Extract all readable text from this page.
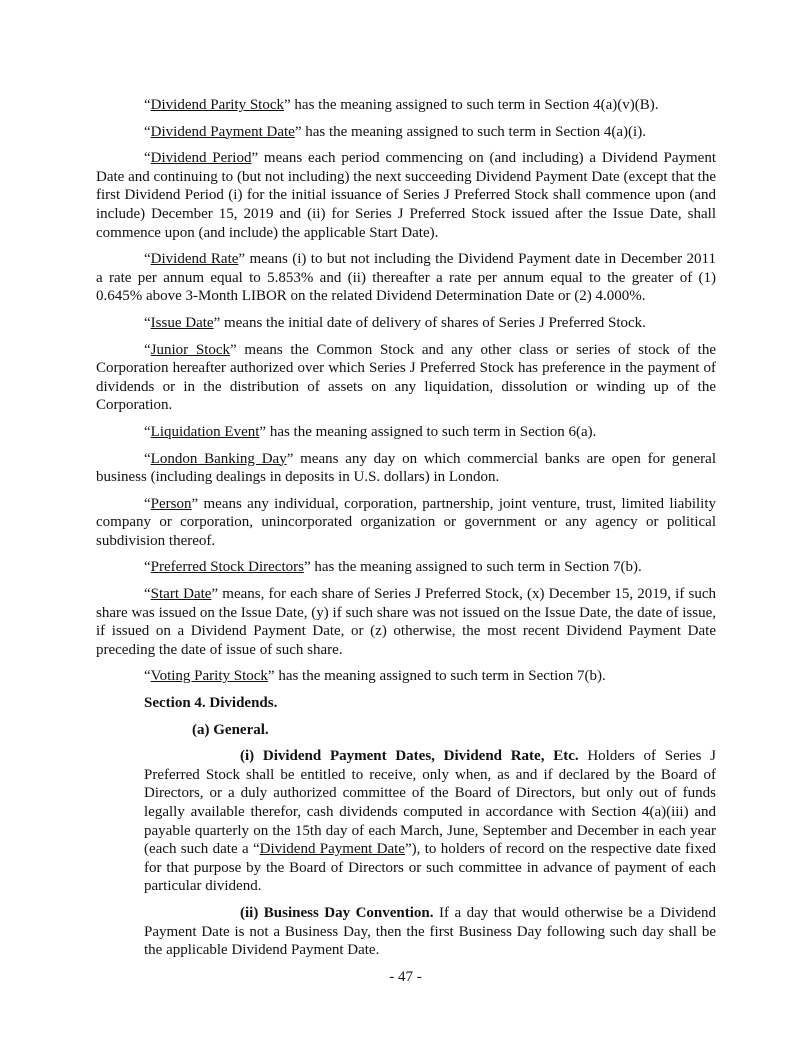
“Dividend Parity Stock” has the meaning assigned to such term in Section 4(a)(v)(B).

“Dividend Payment Date” has the meaning assigned to such term in Section 4(a)(i).

“Dividend Period” means each period commencing on (and including) a Dividend Payment Date and continuing to (but not including) the next succeeding Dividend Payment Date (except that the first Dividend Period (i) for the initial issuance of Series J Preferred Stock shall commence upon (and include) December 15, 2019 and (ii) for Series J Preferred Stock issued after the Issue Date, shall commence upon (and include) the applicable Start Date).

“Dividend Rate” means (i) to but not including the Dividend Payment date in December 2011 a rate per annum equal to 5.853% and (ii) thereafter a rate per annum equal to the greater of (1) 0.645% above 3-Month LIBOR on the related Dividend Determination Date or (2) 4.000%.

“Issue Date” means the initial date of delivery of shares of Series J Preferred Stock.

“Junior Stock” means the Common Stock and any other class or series of stock of the Corporation hereafter authorized over which Series J Preferred Stock has preference in the payment of dividends or in the distribution of assets on any liquidation, dissolution or winding up of the Corporation.

“Liquidation Event” has the meaning assigned to such term in Section 6(a).

“London Banking Day” means any day on which commercial banks are open for general business (including dealings in deposits in U.S. dollars) in London.

“Person” means any individual, corporation, partnership, joint venture, trust, limited liability company or corporation, unincorporated organization or government or any agency or political subdivision thereof.

“Preferred Stock Directors” has the meaning assigned to such term in Section 7(b).

“Start Date” means, for each share of Series J Preferred Stock, (x) December 15, 2019, if such share was issued on the Issue Date, (y) if such share was not issued on the Issue Date, the date of issue, if issued on a Dividend Payment Date, or (z) otherwise, the most recent Dividend Payment Date preceding the date of issue of such share.

“Voting Parity Stock” has the meaning assigned to such term in Section 7(b).

Section 4. Dividends.

(a) General.

(i) Dividend Payment Dates, Dividend Rate, Etc. Holders of Series J Preferred Stock shall be entitled to receive, only when, as and if declared by the Board of Directors, or a duly authorized committee of the Board of Directors, but only out of funds legally available therefor, cash dividends computed in accordance with Section 4(a)(iii) and payable quarterly on the 15th day of each March, June, September and December in each year (each such date a “Dividend Payment Date”), to holders of record on the respective date fixed for that purpose by the Board of Directors or such committee in advance of payment of each particular dividend.

(ii) Business Day Convention. If a day that would otherwise be a Dividend Payment Date is not a Business Day, then the first Business Day following such day shall be the applicable Dividend Payment Date.

- 47 -
